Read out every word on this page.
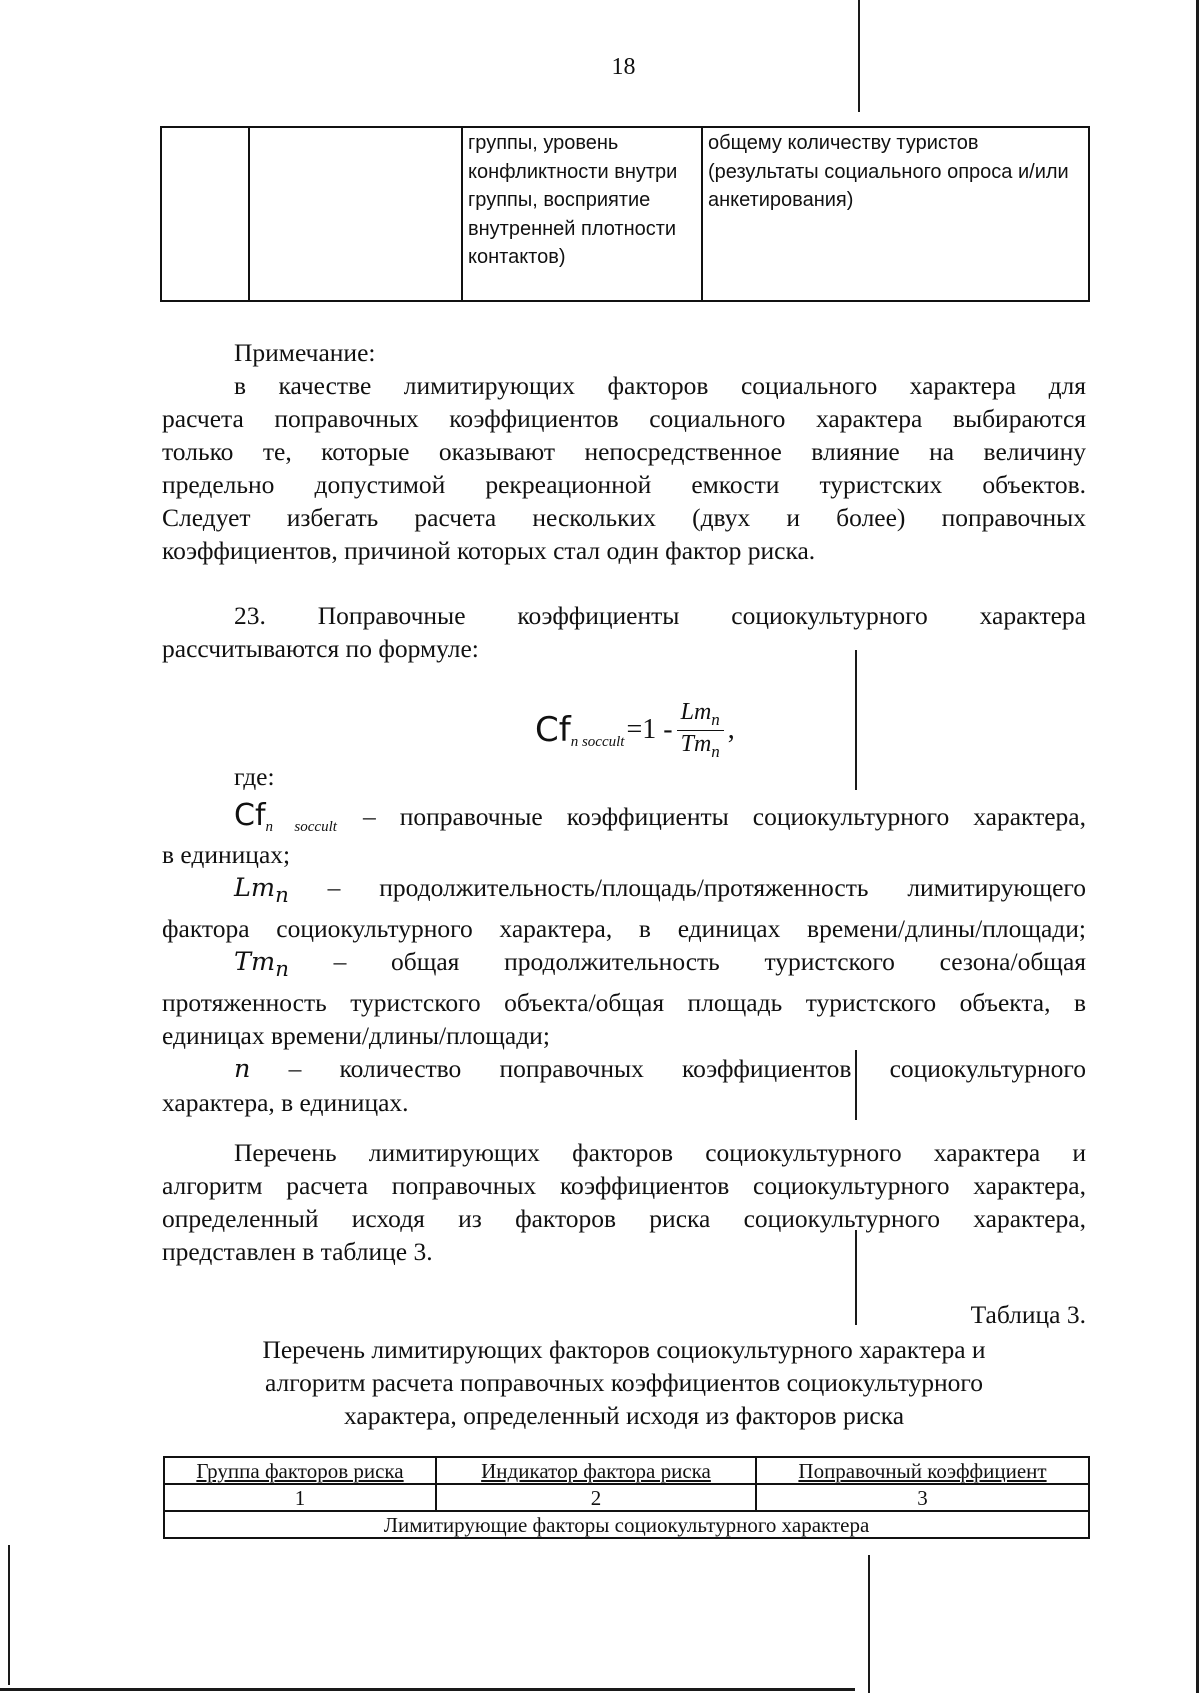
18
		группы, уровень конфликтности внутри группы, восприятие внутренней плотности контактов)	общему количеству туристов (результаты социального опроса и/или анкетирования)
Примечание:
в качестве лимитирующих факторов социального характера для
расчета поправочных коэффициентов социального характера выбираются
только те, которые оказывают непосредственное влияние на величину
предельно допустимой рекреационной емкости туристских объектов.
Следует избегать расчета нескольких (двух и более) поправочных
коэффициентов, причиной которых стал один фактор риска.
23. Поправочные коэффициенты социокультурного характера
рассчитываются по формуле:
Cf n soccult $=1 - \frac{Lm_n}{Tm_n}$ ,
где:
$Cf_{n soccult}$ – поправочные коэффициенты социокультурного характера,
в единицах;
$Lm_n$ – продолжительность/площадь/протяженность лимитирующего
фактора социокультурного характера, в единицах времени/длины/площади;
$Tm_n$ – общая продолжительность туристского сезона/общая
протяженность туристского объекта/общая площадь туристского объекта, в
единицах времени/длины/площади;
n – количество поправочных коэффициентов социокультурного
характера, в единицах.
Перечень лимитирующих факторов социокультурного характера и
алгоритм расчета поправочных коэффициентов социокультурного характера,
определенный исходя из факторов риска социокультурного характера,
представлен в таблице 3.
Таблица 3.
Перечень лимитирующих факторов социокультурного характера и
алгоритм расчета поправочных коэффициентов социокультурного
характера, определенный исходя из факторов риска
Группа факторов риска	Индикатор фактора риска	Поправочный коэффициент
1	2	3
Лимитирующие факторы социокультурного характера		
